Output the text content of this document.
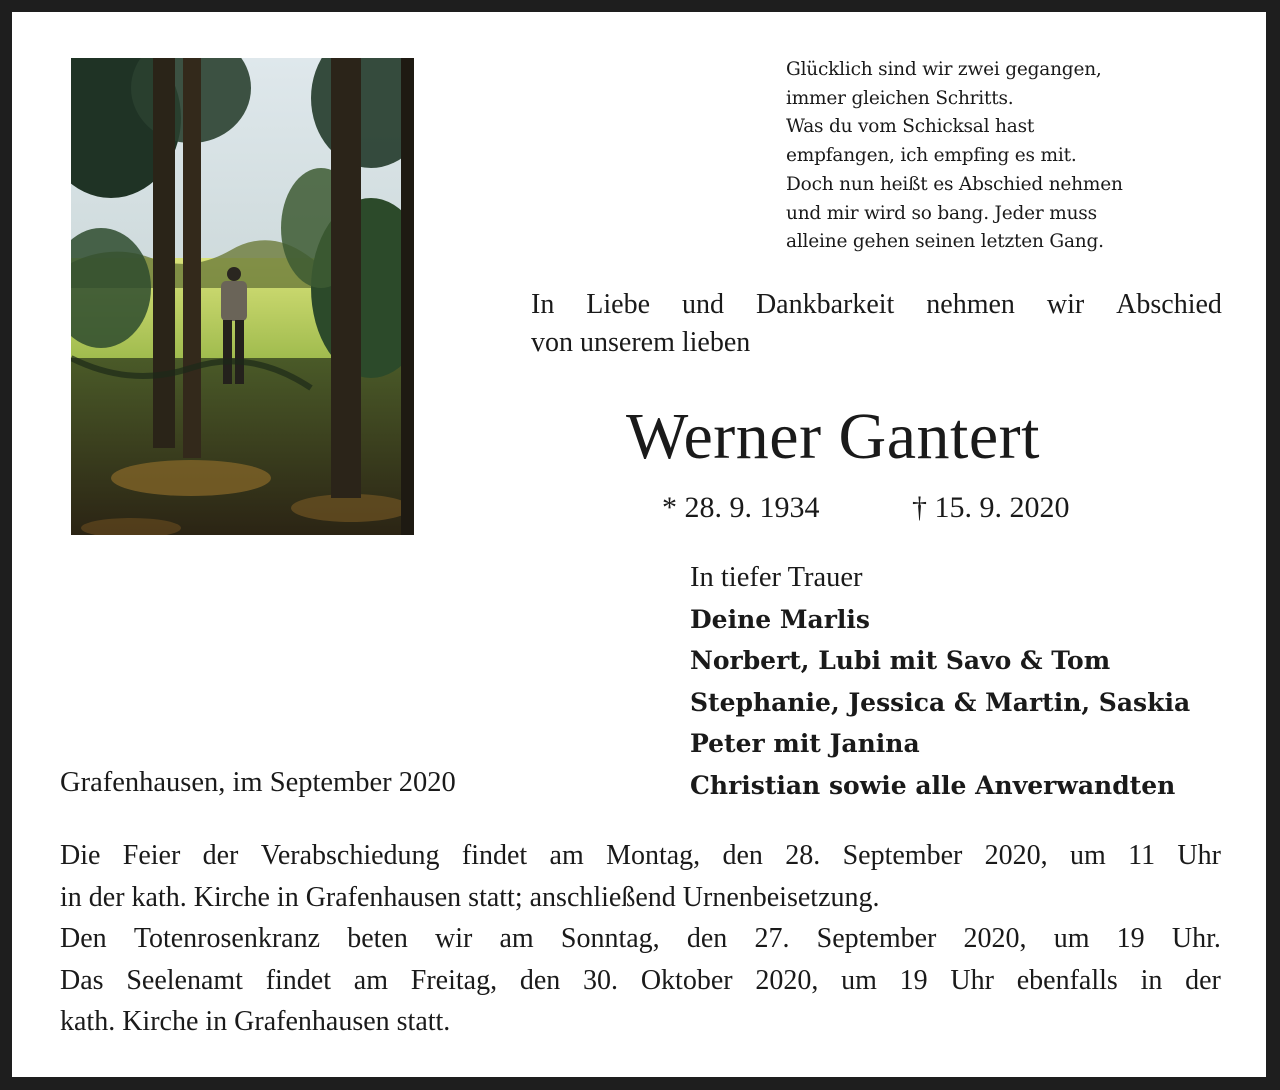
Glücklich sind wir zwei gegangen,
immer gleichen Schritts.
Was du vom Schicksal hast
empfangen, ich empfing es mit.
Doch nun heißt es Abschied nehmen
und mir wird so bang. Jeder muss
alleine gehen seinen letzten Gang.
In Liebe und Dankbarkeit nehmen wir Abschied
von unserem lieben
Werner Gantert
* 28. 9. 1934	† 15. 9. 2020
In tiefer Trauer
Deine Marlis
Norbert, Lubi mit Savo & Tom
Stephanie, Jessica & Martin, Saskia
Peter mit Janina
Christian sowie alle Anverwandten
Grafenhausen, im September 2020
Die Feier der Verabschiedung findet am Montag, den 28. September 2020, um 11 Uhr
in der kath. Kirche in Grafenhausen statt; anschließend Urnenbeisetzung.
Den Totenrosenkranz beten wir am Sonntag, den 27. September 2020, um 19 Uhr.
Das Seelenamt findet am Freitag, den 30. Oktober 2020, um 19 Uhr ebenfalls in der
kath. Kirche in Grafenhausen statt.
